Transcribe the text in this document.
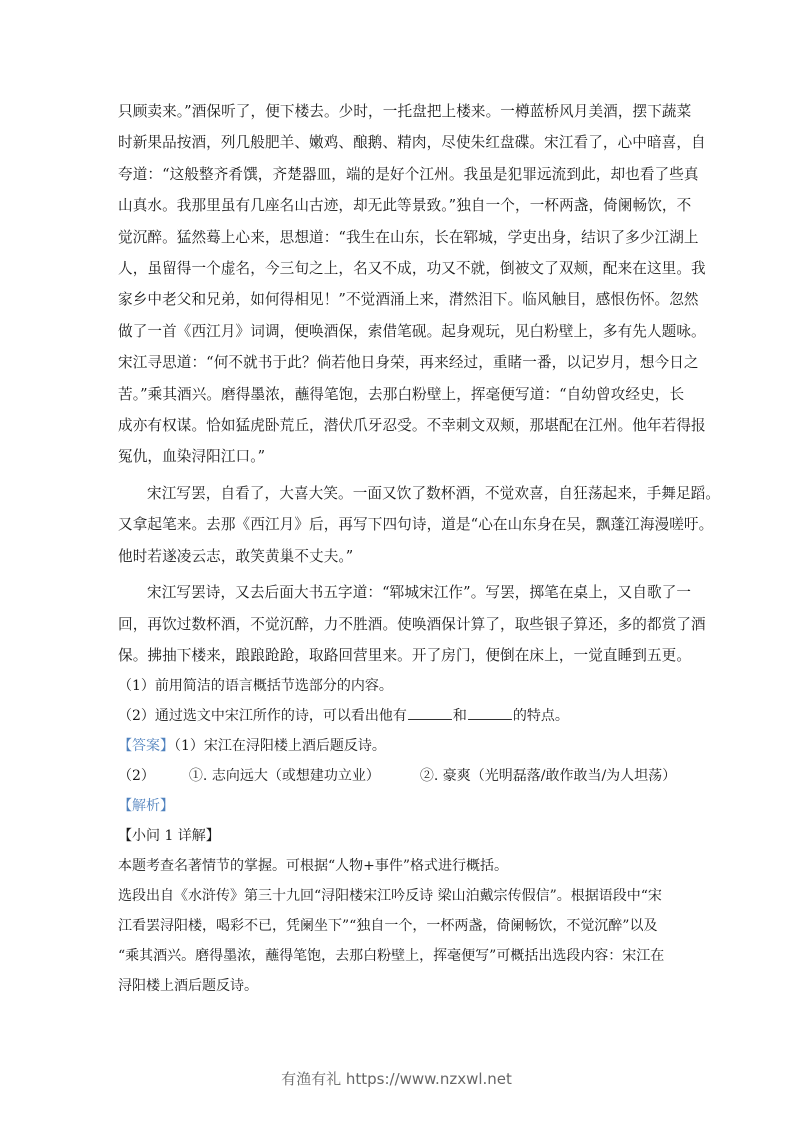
只顾卖来。”酒保听了，便下楼去。少时，一托盘把上楼来。一樽蓝桥风月美酒，摆下蔬菜
时新果品按酒，列几般肥羊、嫩鸡、酿鹅、精肉，尽使朱红盘碟。宋江看了，心中暗喜，自
夸道：“这般整齐肴馔，齐楚器皿，端的是好个江州。我虽是犯罪远流到此，却也看了些真
山真水。我那里虽有几座名山古迹，却无此等景致。”独自一个，一杯两盏，倚阑畅饮，不
觉沉醉。猛然蓦上心来，思想道：“我生在山东，长在郓城，学吏出身，结识了多少江湖上
人，虽留得一个虚名，今三旬之上，名又不成，功又不就，倒被文了双颊，配来在这里。我
家乡中老父和兄弟，如何得相见！”不觉酒涌上来，潸然泪下。临风触目，感恨伤怀。忽然
做了一首《西江月》词调，便唤酒保，索借笔砚。起身观玩，见白粉壁上，多有先人题咏。
宋江寻思道：“何不就书于此？倘若他日身荣，再来经过，重睹一番，以记岁月，想今日之
苦。”乘其酒兴。磨得墨浓，蘸得笔饱，去那白粉壁上，挥毫便写道：“自幼曾攻经史，长
成亦有权谋。恰如猛虎卧荒丘，潜伏爪牙忍受。不幸刺文双颊，那堪配在江州。他年若得报
冤仇，血染浔阳江口。”
宋江写罢，自看了，大喜大笑。一面又饮了数杯酒，不觉欢喜，自狂荡起来，手舞足蹈。
又拿起笔来。去那《西江月》后，再写下四句诗，道是“心在山东身在吴，飘蓬江海漫嗟吁。
他时若遂凌云志，敢笑黄巢不丈夫。”
宋江写罢诗，又去后面大书五字道：“郓城宋江作”。写罢，掷笔在桌上，又自歌了一
回，再饮过数杯酒，不觉沉醉，力不胜酒。使唤酒保计算了，取些银子算还，多的都赏了酒
保。拂抽下楼来，踉踉跄跄，取路回营里来。开了房门，便倒在床上，一觉直睡到五更。
（1）前用简洁的语言概括节选部分的内容。
（2）通过选文中宋江所作的诗，可以看出他有	和	的特点。
【答案】（1）宋江在浔阳楼上酒后题反诗。
（2） ①. 志向远大（或想建功立业）	②. 豪爽（光明磊落/敢作敢当/为人坦荡）
【解析】
【小问 1 详解】
本题考查名著情节的掌握。可根据“人物+事件”格式进行概括。
选段出自《水浒传》第三十九回“浔阳楼宋江吟反诗 梁山泊戴宗传假信”。根据语段中“宋
江看罢浔阳楼，喝彩不已，凭阑坐下”“独自一个，一杯两盏，倚阑畅饮，不觉沉醉”以及
“乘其酒兴。磨得墨浓，蘸得笔饱，去那白粉壁上，挥毫便写”可概括出选段内容：宋江在
浔阳楼上酒后题反诗。
有渔有礼 https://www.nzxwl.net
